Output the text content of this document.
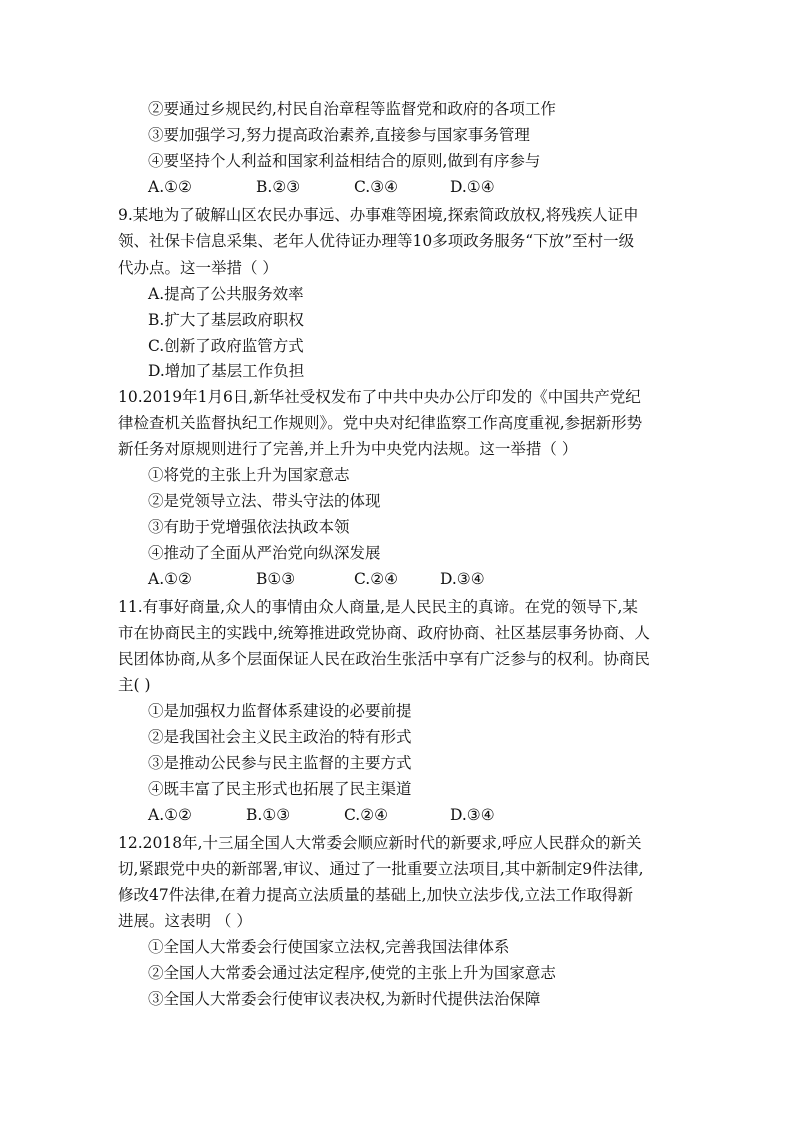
②要通过乡规民约,村民自治章程等监督党和政府的各项工作
③要加强学习,努力提高政治素养,直接参与国家事务管理
④要坚持个人利益和国家利益相结合的原则,做到有序参与
A.①②	B.②③	C.③④	D.①④
9.某地为了破解山区农民办事远、办事难等困境,探索简政放权,将残疾人证申
领、社保卡信息采集、老年人优待证办理等10多项政务服务“下放”至村一级
代办点。这一举措（ ）
A.提高了公共服务效率
B.扩大了基层政府职权
C.创新了政府监管方式
D.增加了基层工作负担
10.2019年1月6日,新华社受权发布了中共中央办公厅印发的《中国共产党纪
律检查机关监督执纪工作规则》。党中央对纪律监察工作高度重视,参据新形势
新任务对原规则进行了完善,并上升为中央党内法规。这一举措（ ）
①将党的主张上升为国家意志
②是党领导立法、带头守法的体现
③有助于党增强依法执政本领
④推动了全面从严治党向纵深发展
A.①②	B①③	C.②④	D.③④
11.有事好商量,众人的事情由众人商量,是人民民主的真谛。在党的领导下,某
市在协商民主的实践中,统筹推进政党协商、政府协商、社区基层事务协商、人
民团体协商,从多个层面保证人民在政治生张活中享有广泛参与的权利。协商民
主( )
①是加强权力监督体系建设的必要前提
②是我国社会主义民主政治的特有形式
③是推动公民参与民主监督的主要方式
④既丰富了民主形式也拓展了民主渠道
A.①②	B.①③	C.②④	D.③④
12.2018年,十三届全国人大常委会顺应新时代的新要求,呼应人民群众的新关
切,紧跟党中央的新部署,审议、通过了一批重要立法项目,其中新制定9件法律,
修改47件法律,在着力提高立法质量的基础上,加快立法步伐,立法工作取得新
进展。这表明 （ ）
①全国人大常委会行使国家立法权,完善我国法律体系
②全国人大常委会通过法定程序,使党的主张上升为国家意志
③全国人大常委会行使审议表决权,为新时代提供法治保障
